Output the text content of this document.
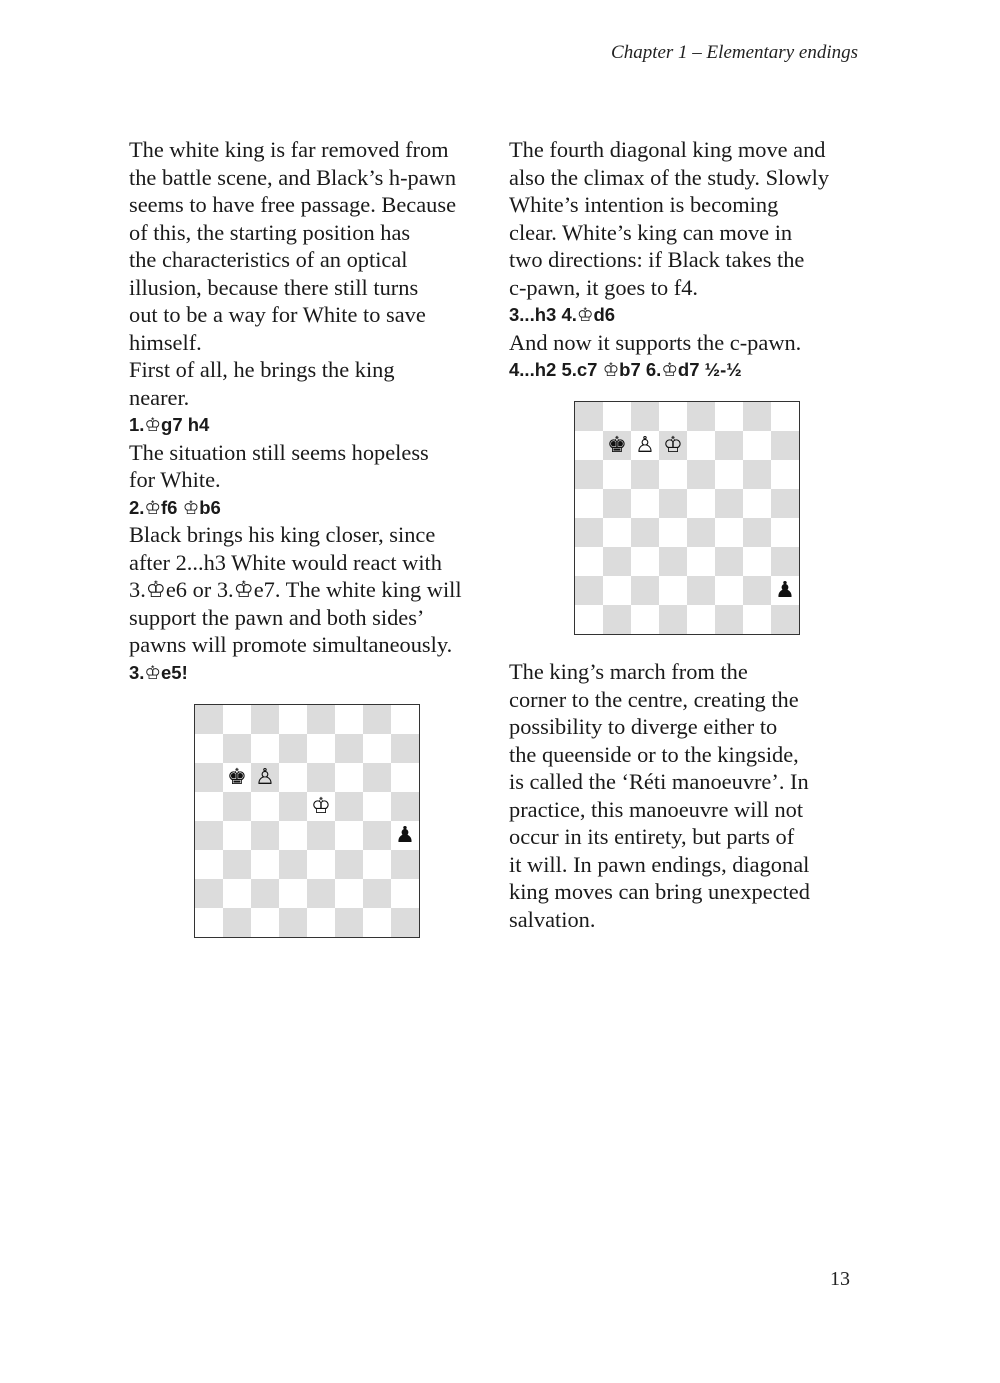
Chapter 1 – Elementary endings

The white king is far removed from
the battle scene, and Black’s h-pawn
seems to have free passage. Because
of this, the starting position has
the characteristics of an optical
illusion, because there still turns
out to be a way for White to save
himself.
First of all, he brings the king
nearer.

1.♔g7 h4

The situation still seems hopeless
for White.

2.♔f6 ♔b6

Black brings his king closer, since
after 2...h3 White would react with
3.♔e6 or 3.♔e7. The white king will
support the pawn and both sides’
pawns will promote simultaneously.

3.♔e5!

The fourth diagonal king move and
also the climax of the study. Slowly
White’s intention is becoming
clear. White’s king can move in
two directions: if Black takes the
c-pawn, it goes to f4.

3...h3 4.♔d6

And now it supports the c-pawn.

4...h2 5.c7 ♔b7 6.♔d7 ½-½

The king’s march from the
corner to the centre, creating the
possibility to diverge either to
the queenside or to the kingside,
is called the ‘Réti manoeuvre’. In
practice, this manoeuvre will not
occur in its entirety, but parts of
it will. In pawn endings, diagonal
king moves can bring unexpected
salvation.

♚ ♙
♔
♟
♚ ♙ ♔
♟
13
